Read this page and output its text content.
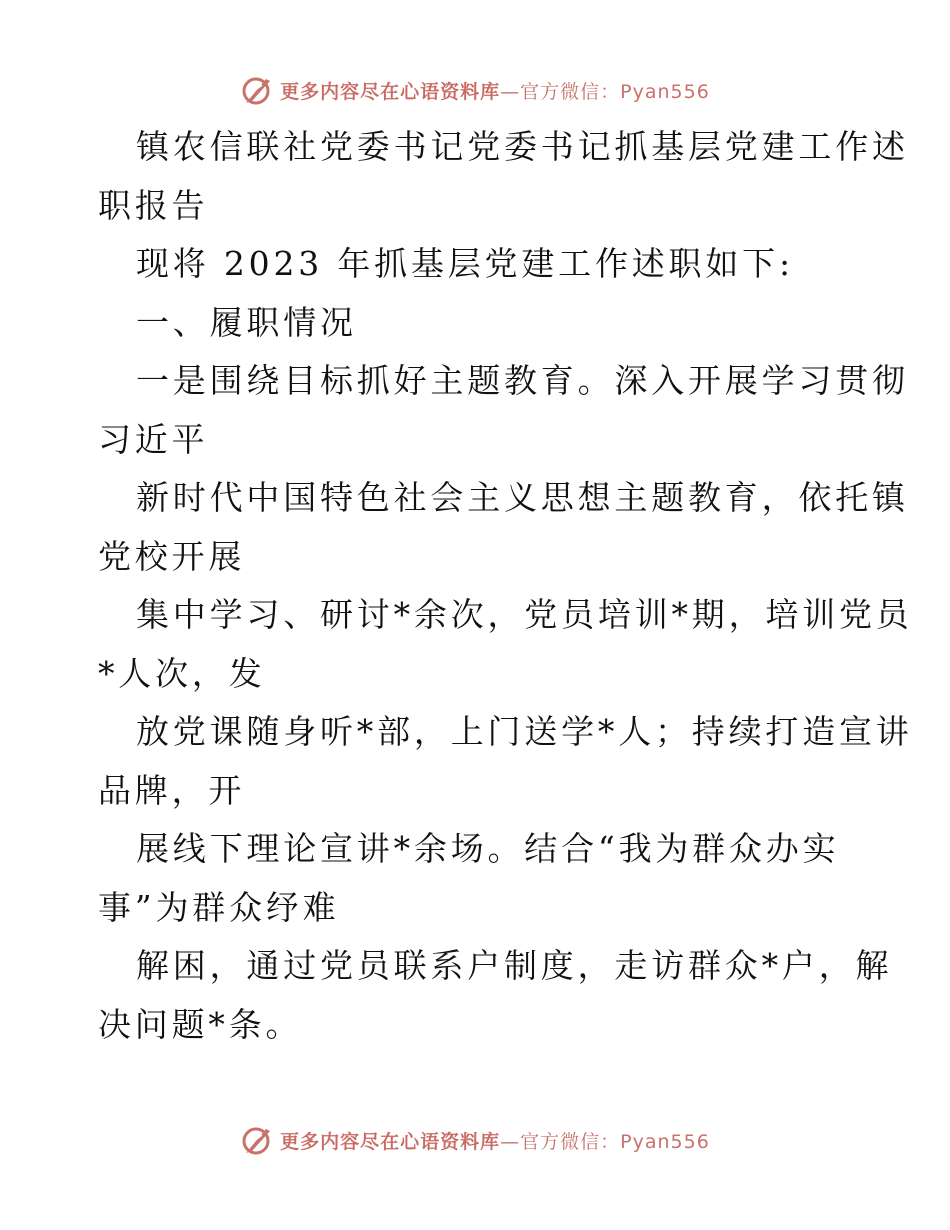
更多内容尽在心语资料库—官方微信：Pyan556
镇农信联社党委书记党委书记抓基层党建工作述
职报告
现将 2023 年抓基层党建工作述职如下:
一、履职情况
一是围绕目标抓好主题教育。深入开展学习贯彻
习近平
新时代中国特色社会主义思想主题教育，依托镇
党校开展
集中学习、研讨*余次，党员培训*期，培训党员
*人次，发
放党课随身听*部，上门送学*人；持续打造宣讲
品牌，开
展线下理论宣讲*余场。结合“我为群众办实
事”为群众纾难
解困，通过党员联系户制度，走访群众*户，解
决问题*条。
更多内容尽在心语资料库—官方微信：Pyan556
